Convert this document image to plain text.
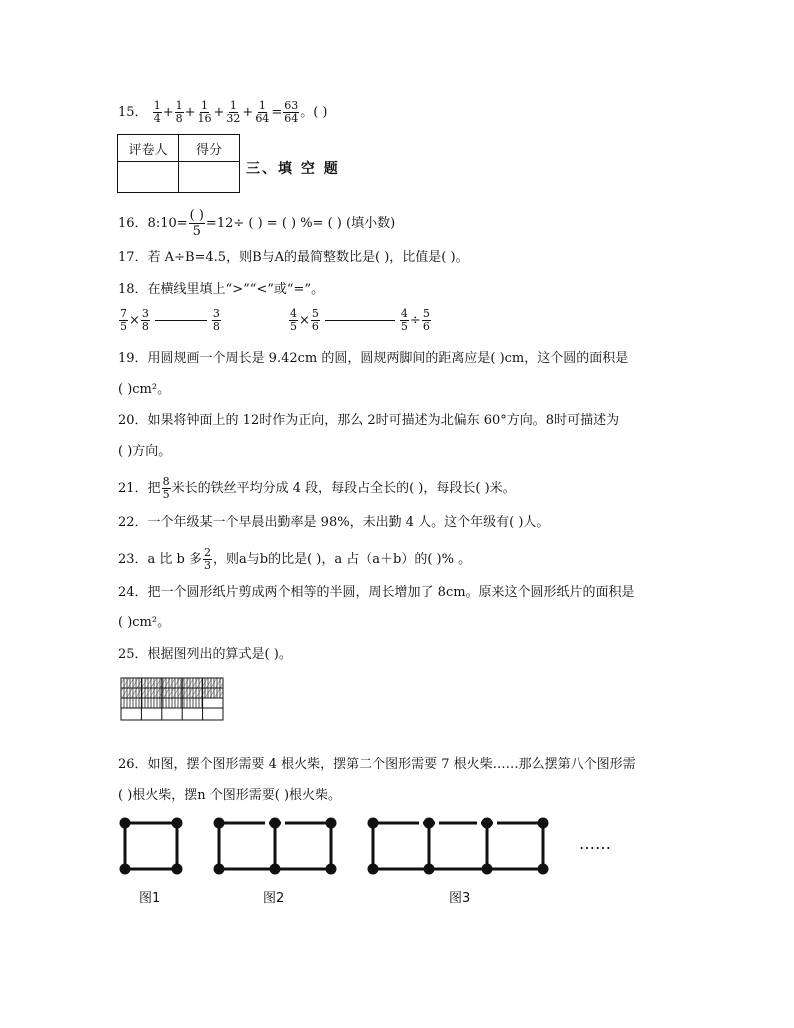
15． $\frac{1}{4} + \frac{1}{8} + \frac{1}{16} + \frac{1}{32} + \frac{1}{64} = \frac{63}{64}$ 。( )
评卷人	得分

三、填 空 题
16．8:10= $\frac{( )}{5} =12\div$ ( ) = ( ) %= ( ) (填小数)
17．若 A÷B=4.5，则B与A的最简整数比是( )，比值是( )。
18．在横线里填上“>”“<”或“=”。
$\frac{7}{5} \times \frac{3}{8}$	$\frac{3}{8}$	$\frac{4}{5} \times \frac{5}{6}$	$\frac{4}{5} \div \frac{5}{6}$
19．用圆规画一个周长是 9.42cm 的圆，圆规两脚间的距离应是( )cm，这个圆的面积是
( )cm²。
20．如果将钟面上的 12时作为正向，那么 2时可描述为北偏东 60°方向。8时可描述为
( )方向。
21．把 $\frac{8}{5}$ 米长的铁丝平均分成 4 段，每段占全长的( )，每段长( )米。
22．一个年级某一个早晨出勤率是 98%，未出勤 4 人。这个年级有( )人。
23．a 比 b 多 $\frac{2}{3}$ ，则a与b的比是( )，a 占（a＋b）的( )% 。
24．把一个圆形纸片剪成两个相等的半圆，周长增加了 8cm。原来这个圆形纸片的面积是
( )cm²。
25．根据图列出的算式是( )。
26．如图，摆个图形需要 4 根火柴，摆第二个图形需要 7 根火柴……那么摆第八个图形需
( )根火柴，摆n 个图形需要( )根火柴。
……
图1	图2	图3
